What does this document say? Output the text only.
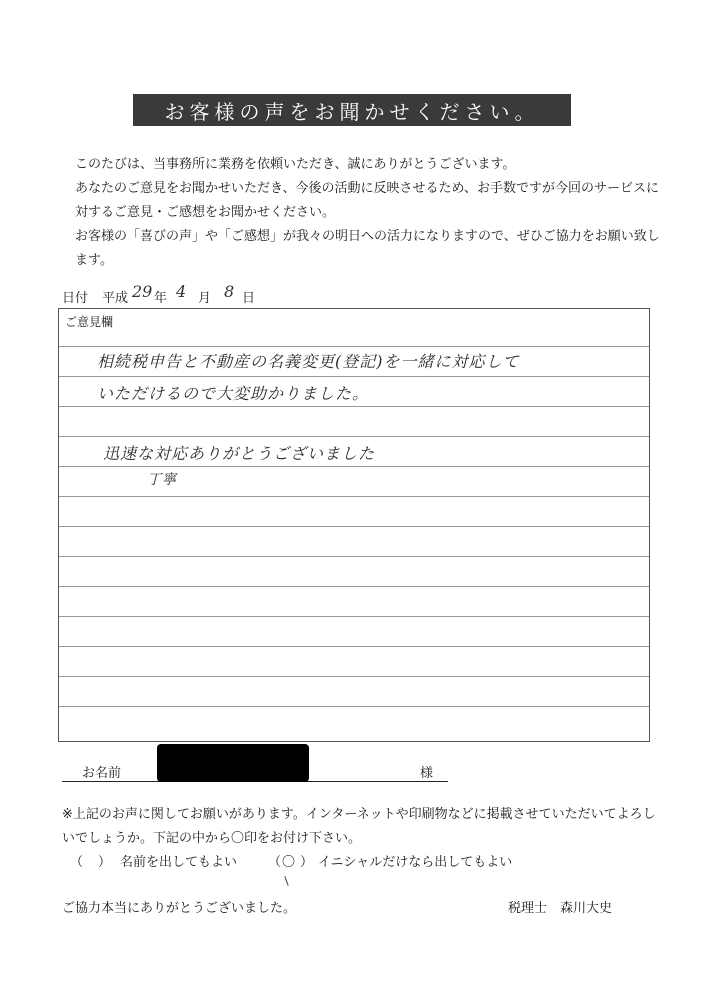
お客様の声をお聞かせください。

このたびは、当事務所に業務を依頼いただき、誠にありがとうございます。

あなたのご意見をお聞かせいただき、今後の活動に反映させるため、お手数ですが今回のサービスに対するご意見・ご感想をお聞かせください。

お客様の「喜びの声」や「ご感想」が我々の明日への活力になりますので、ぜひご協力をお願い致します。

日付 平成 29 年 4 月 8 日
ご意見欄
相続税申告と不動産の名義変更(登記)を一緒に対応して
いただけるので大変助かりました。
迅速な対応ありがとうございました
丁寧
お名前	様

※上記のお声に関してお願いがあります。インターネットや印刷物などに掲載させていただいてよろしいでしょうか。下記の中から〇印をお付け下さい。

（ ） 名前を出してもよい （ 〇 ） イニシャルだけなら出してもよい
ご協力本当にありがとうございました。	税理士　森川大史
